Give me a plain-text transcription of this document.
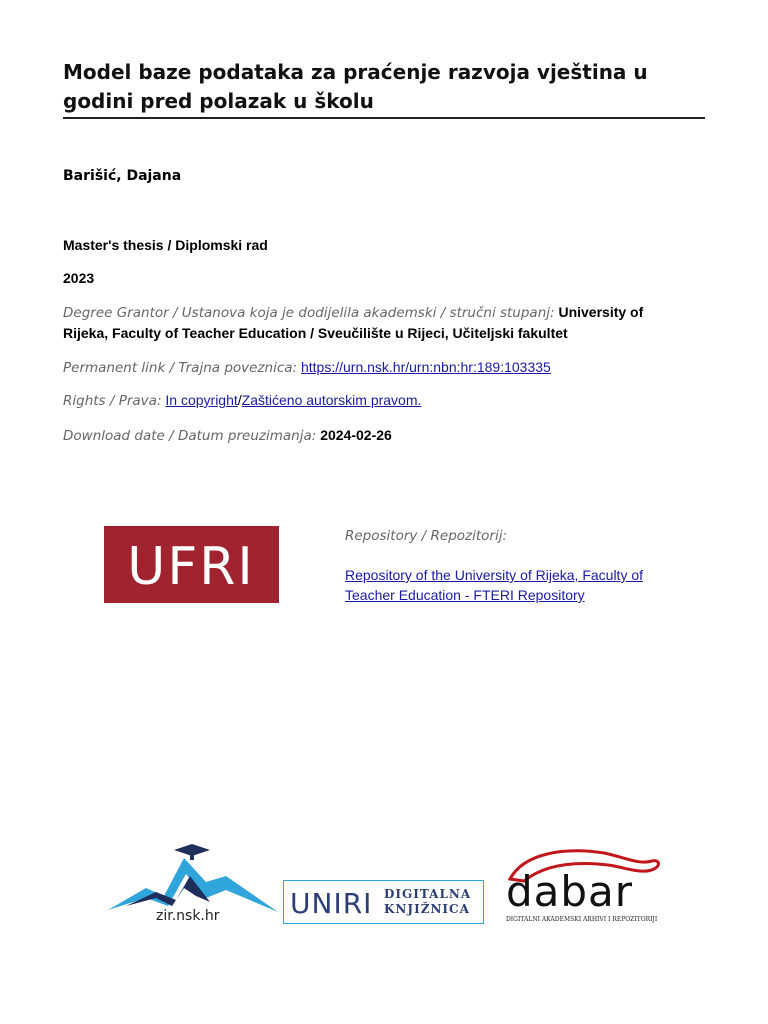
Model baze podataka za praćenje razvoja vještina u godini pred polazak u školu
Barišić, Dajana
Master's thesis / Diplomski rad
2023
Degree Grantor / Ustanova koja je dodijelila akademski / stručni stupanj: University of
Rijeka, Faculty of Teacher Education / Sveučilište u Rijeci, Učiteljski fakultet
Permanent link / Trajna poveznica: https://urn.nsk.hr/urn:nbn:hr:189:103335
Rights / Prava: In copyright/Zaštićeno autorskim pravom.
Download date / Datum preuzimanja: 2024-02-26
UFRI
Repository / Repozitorij:
Repository of the University of Rijeka, Faculty of
Teacher Education - FTERI Repository
zir.nsk.hr	UNIRI DIGITALNA
KNJIŽNICA dabar
DIGITALNI AKADEMSKI ARHIVI I REPOZITORIJI
